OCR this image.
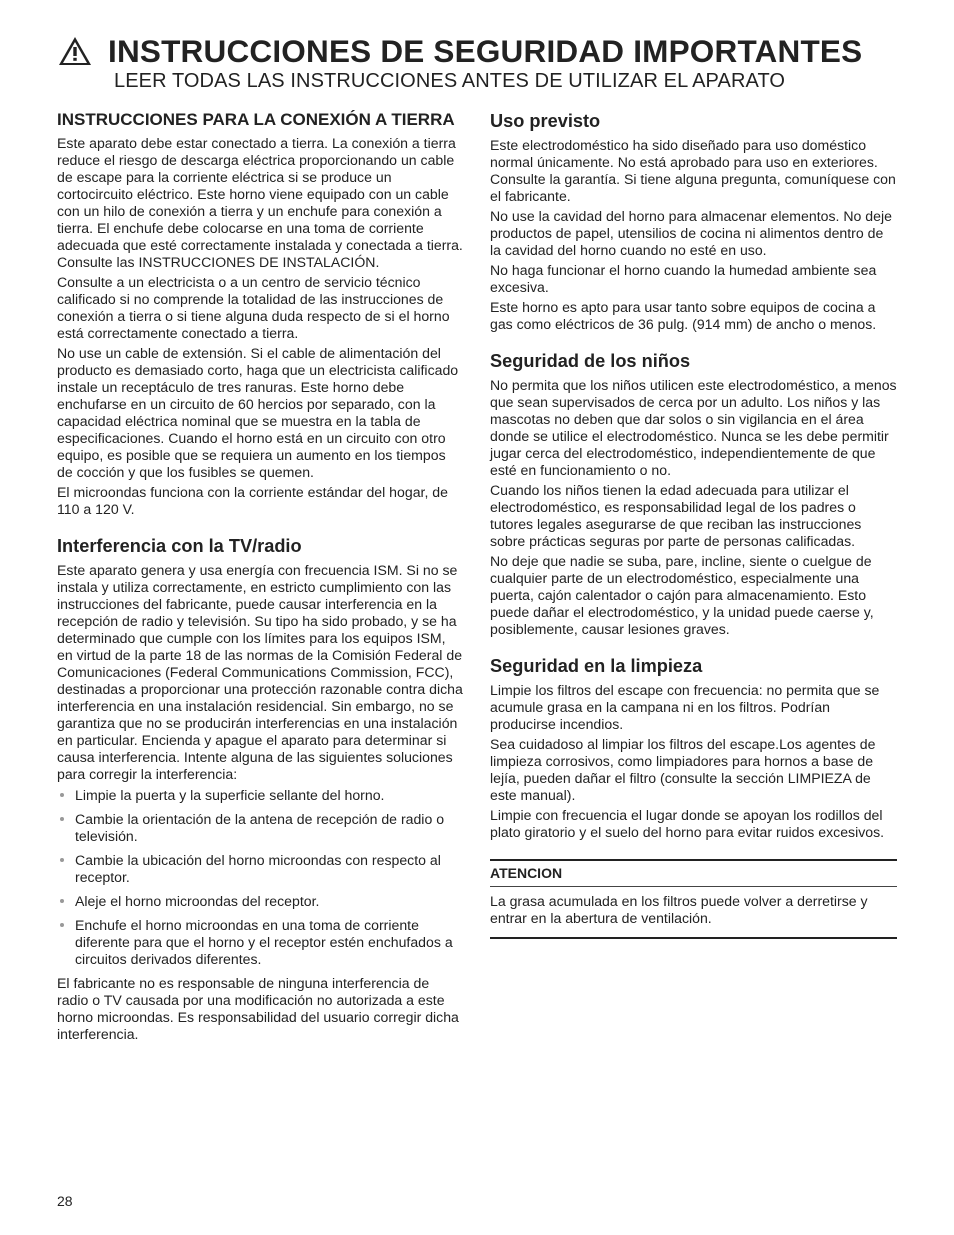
INSTRUCCIONES DE SEGURIDAD IMPORTANTES
LEER TODAS LAS INSTRUCCIONES ANTES DE UTILIZAR EL APARATO
INSTRUCCIONES PARA LA CONEXIÓN A TIERRA

Este aparato debe estar conectado a tierra. La conexión a tierra reduce el riesgo de descarga eléctrica proporcionando un cable de escape para la corriente eléctrica si se produce un cortocircuito eléctrico. Este horno viene equipado con un cable con un hilo de conexión a tierra y un enchufe para conexión a tierra. El enchufe debe colocarse en una toma de corriente adecuada que esté correctamente instalada y conectada a tierra. Consulte las INSTRUCCIONES DE INSTALACIÓN.

Consulte a un electricista o a un centro de servicio técnico calificado si no comprende la totalidad de las instrucciones de conexión a tierra o si tiene alguna duda respecto de si el horno está correctamente conectado a tierra.

No use un cable de extensión. Si el cable de alimentación del producto es demasiado corto, haga que un electricista calificado instale un receptáculo de tres ranuras. Este horno debe enchufarse en un circuito de 60 hercios por separado, con la capacidad eléctrica nominal que se muestra en la tabla de especificaciones. Cuando el horno está en un circuito con otro equipo, es posible que se requiera un aumento en los tiempos de cocción y que los fusibles se quemen.

El microondas funciona con la corriente estándar del hogar, de 110 a 120 V.

Interferencia con la TV/radio

Este aparato genera y usa energía con frecuencia ISM. Si no se instala y utiliza correctamente, en estricto cumplimiento con las instrucciones del fabricante, puede causar interferencia en la recepción de radio y televisión. Su tipo ha sido probado, y se ha determinado que cumple con los límites para los equipos ISM, en virtud de la parte 18 de las normas de la Comisión Federal de Comunicaciones (Federal Communications Commission, FCC), destinadas a proporcionar una protección razonable contra dicha interferencia en una instalación residencial. Sin embargo, no se garantiza que no se producirán interferencias en una instalación en particular. Encienda y apague el aparato para determinar si causa interferencia. Intente alguna de las siguientes soluciones para corregir la interferencia:

Limpie la puerta y la superficie sellante del horno.
Cambie la orientación de la antena de recepción de radio o televisión.
Cambie la ubicación del horno microondas con respecto al receptor.
Aleje el horno microondas del receptor.
Enchufe el horno microondas en una toma de corriente diferente para que el horno y el receptor estén enchufados a circuitos derivados diferentes.

El fabricante no es responsable de ninguna interferencia de radio o TV causada por una modificación no autorizada a este horno microondas. Es responsabilidad del usuario corregir dicha interferencia.

Uso previsto

Este electrodoméstico ha sido diseñado para uso doméstico normal únicamente. No está aprobado para uso en exteriores. Consulte la garantía. Si tiene alguna pregunta, comuníquese con el fabricante.

No use la cavidad del horno para almacenar elementos. No deje productos de papel, utensilios de cocina ni alimentos dentro de la cavidad del horno cuando no esté en uso.

No haga funcionar el horno cuando la humedad ambiente sea excesiva.

Este horno es apto para usar tanto sobre equipos de cocina a gas como eléctricos de 36 pulg. (914 mm) de ancho o menos.

Seguridad de los niños

No permita que los niños utilicen este electrodoméstico, a menos que sean supervisados de cerca por un adulto. Los niños y las mascotas no deben que dar solos o sin vigilancia en el área donde se utilice el electrodoméstico. Nunca se les debe permitir jugar cerca del electrodoméstico, independientemente de que esté en funcionamiento o no.

Cuando los niños tienen la edad adecuada para utilizar el electrodoméstico, es responsabilidad legal de los padres o tutores legales asegurarse de que reciban las instrucciones sobre prácticas seguras por parte de personas calificadas.

No deje que nadie se suba, pare, incline, siente o cuelgue de cualquier parte de un electrodoméstico, especialmente una puerta, cajón calentador o cajón para almacenamiento. Esto puede dañar el electrodoméstico, y la unidad puede caerse y, posiblemente, causar lesiones graves.

Seguridad en la limpieza

Limpie los filtros del escape con frecuencia: no permita que se acumule grasa en la campana ni en los filtros. Podrían producirse incendios.

Sea cuidadoso al limpiar los filtros del escape.Los agentes de limpieza corrosivos, como limpiadores para hornos a base de lejía, pueden dañar el filtro (consulte la sección LIMPIEZA de este manual).

Limpie con frecuencia el lugar donde se apoyan los rodillos del plato giratorio y el suelo del horno para evitar ruidos excesivos.

ATENCION

La grasa acumulada en los filtros puede volver a derretirse y entrar en la abertura de ventilación.

28
